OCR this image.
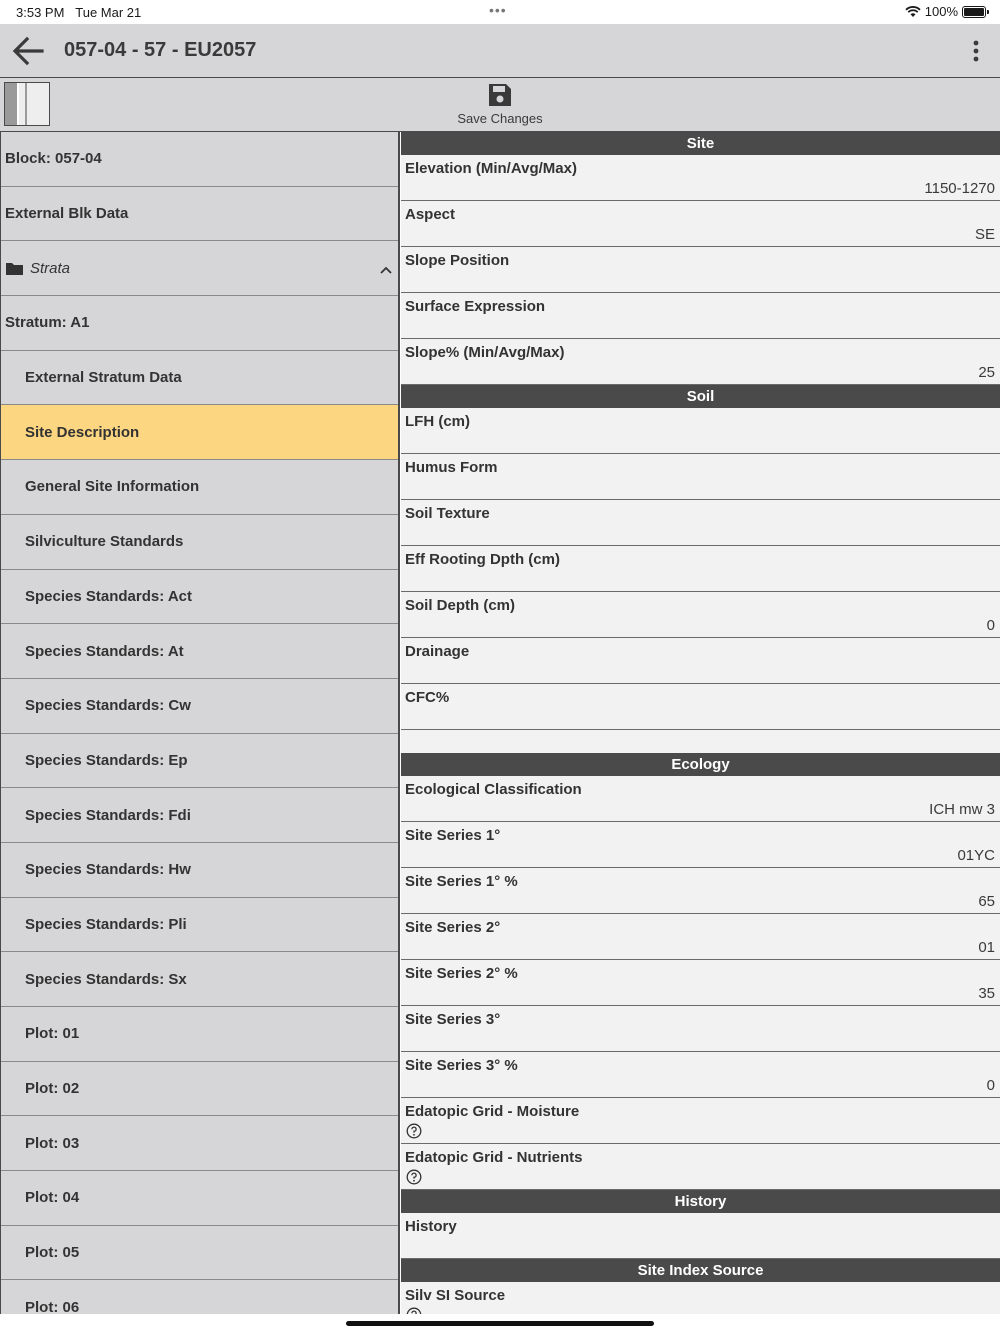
3:53 PM Tue Mar 21	•••	100%
057-04 - 57 - EU2057
Save Changes
Block: 057-04
External Blk Data
Strata
Stratum: A1
External Stratum Data
Site Description
General Site Information
Silviculture Standards
Species Standards: Act
Species Standards: At
Species Standards: Cw
Species Standards: Ep
Species Standards: Fdi
Species Standards: Hw
Species Standards: Pli
Species Standards: Sx
Plot: 01
Plot: 02
Plot: 03
Plot: 04
Plot: 05
Plot: 06
Site
Elevation (Min/Avg/Max)
1150-1270
Aspect
SE
Slope Position
Surface Expression
Slope% (Min/Avg/Max)
25
Soil
LFH (cm)
Humus Form
Soil Texture
Eff Rooting Dpth (cm)
Soil Depth (cm)
0
Drainage
CFC%
Ecology
Ecological Classification
ICH mw 3
Site Series 1°
01YC
Site Series 1° %
65
Site Series 2°
01
Site Series 2° %
35
Site Series 3°
Site Series 3° %
0
Edatopic Grid - Moisture
Edatopic Grid - Nutrients
History
History
Site Index Source
Silv SI Source
